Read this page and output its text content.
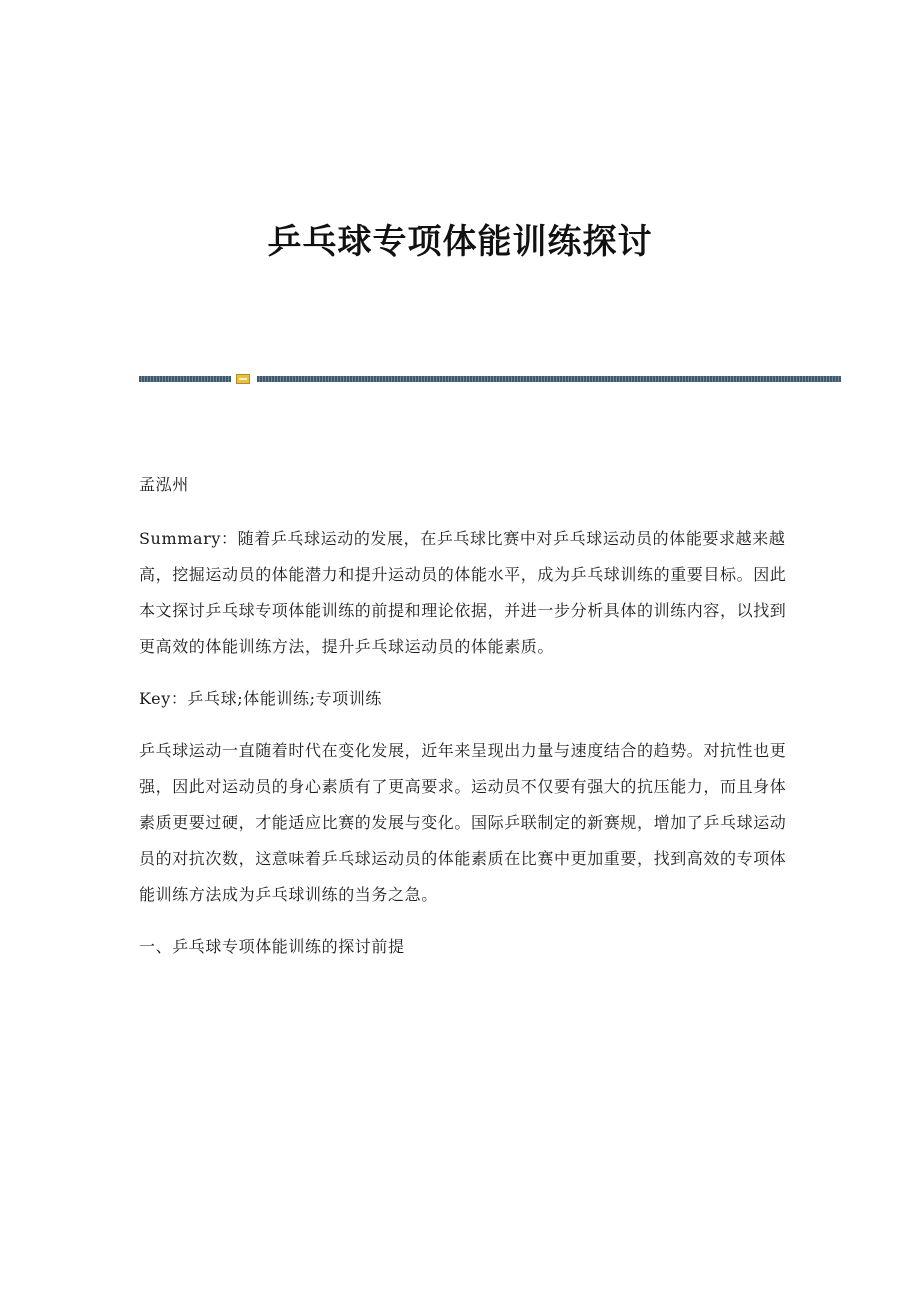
乒乓球专项体能训练探讨

孟泓州

Summary：随着乒乓球运动的发展，在乒乓球比赛中对乒乓球运动员的体能要求越来越高，挖掘运动员的体能潜力和提升运动员的体能水平，成为乒乓球训练的重要目标。因此本文探讨乒乓球专项体能训练的前提和理论依据，并进一步分析具体的训练内容，以找到更高效的体能训练方法，提升乒乓球运动员的体能素质。

Key：乒乓球;体能训练;专项训练

乒乓球运动一直随着时代在变化发展，近年来呈现出力量与速度结合的趋势。对抗性也更强，因此对运动员的身心素质有了更高要求。运动员不仅要有强大的抗压能力，而且身体素质更要过硬，才能适应比赛的发展与变化。国际乒联制定的新赛规，增加了乒乓球运动员的对抗次数，这意味着乒乓球运动员的体能素质在比赛中更加重要，找到高效的专项体能训练方法成为乒乓球训练的当务之急。

一、乒乓球专项体能训练的探讨前提
